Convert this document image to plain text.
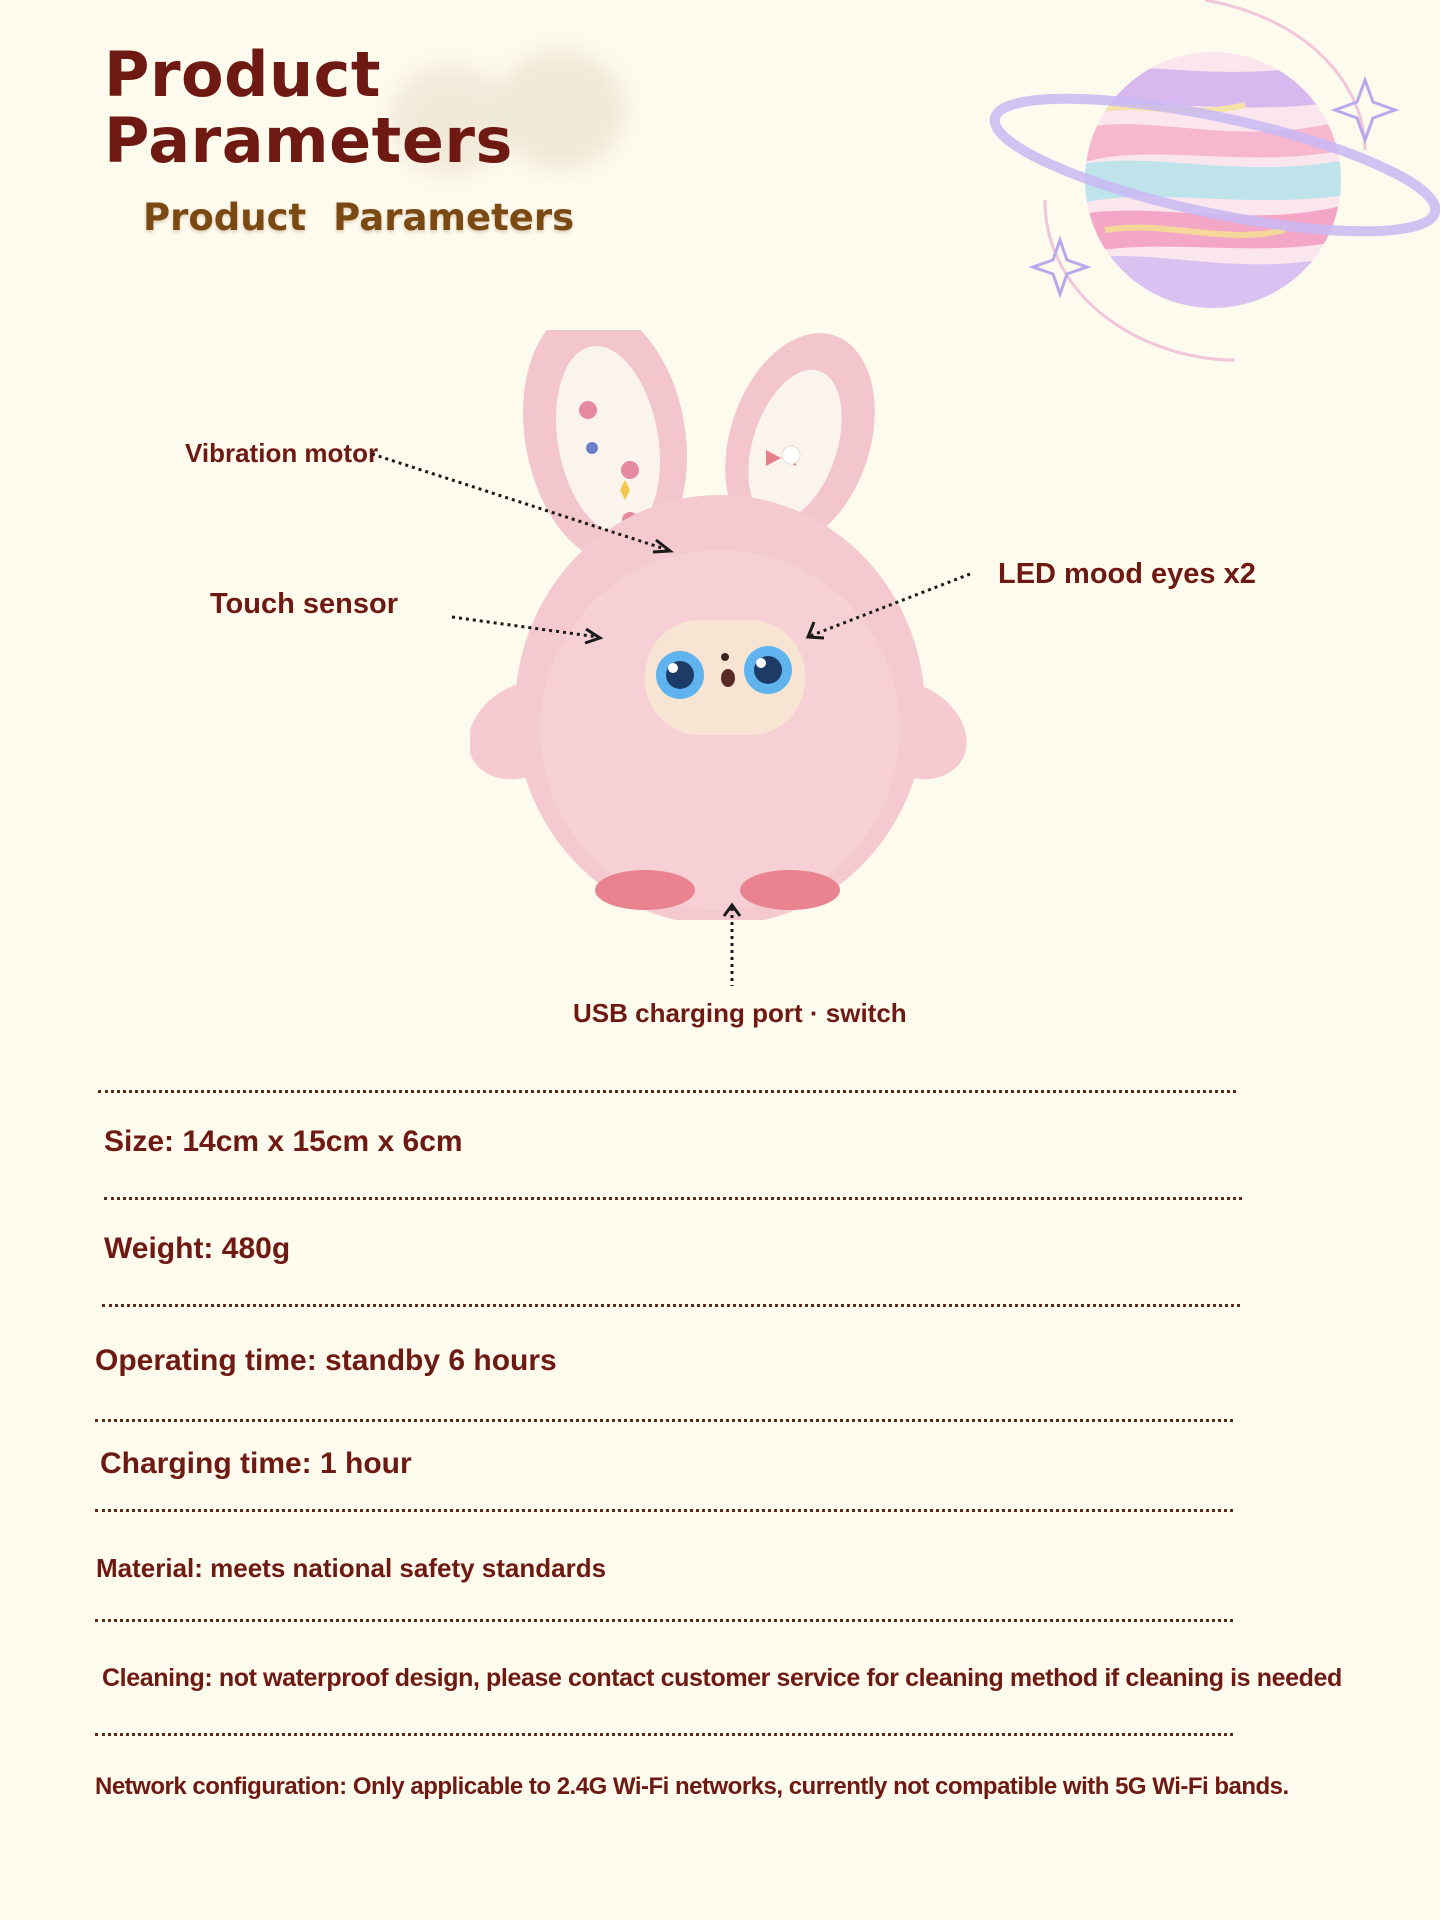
Product Parameters
Product Parameters
Vibration motor
Touch sensor
LED mood eyes x2
USB charging port · switch
Size: 14cm x 15cm x 6cm
Weight: 480g
Operating time: standby 6 hours
Charging time: 1 hour
Material: meets national safety standards
Cleaning: not waterproof design, please contact customer service for cleaning method if cleaning is needed
Network configuration: Only applicable to 2.4G Wi-Fi networks, currently not compatible with 5G Wi-Fi bands.
